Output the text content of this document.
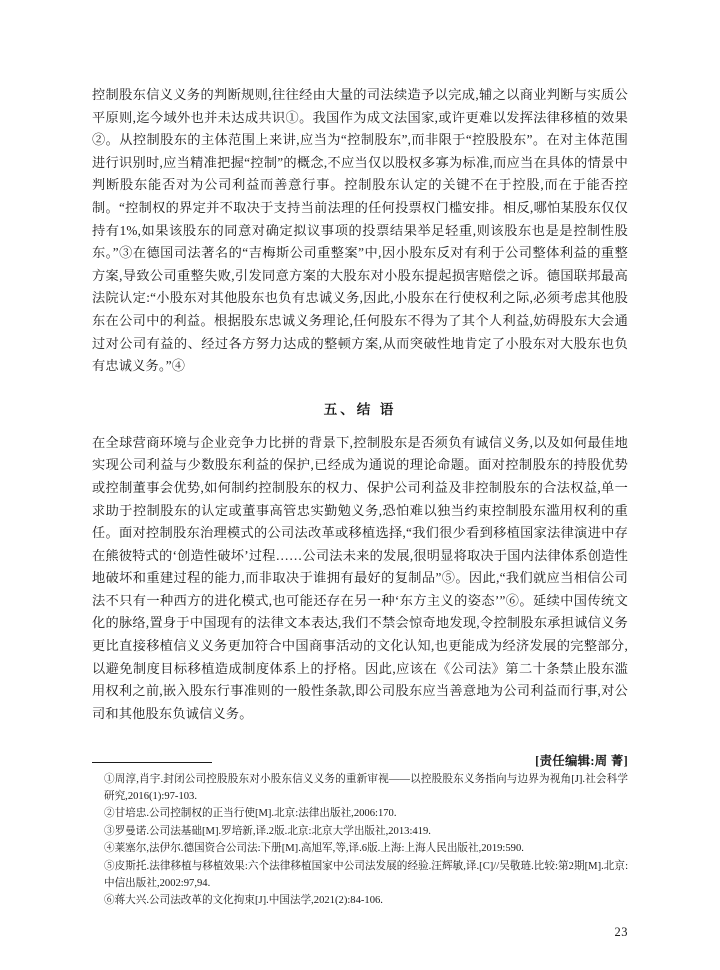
控制股东信义义务的判断规则,往往经由大量的司法续造予以完成,辅之以商业判断与实质公平原则,迄今域外也并未达成共识①。我国作为成文法国家,或许更难以发挥法律移植的效果②。从控制股东的主体范围上来讲,应当为“控制股东”,而非限于“控股股东”。在对主体范围进行识别时,应当精准把握“控制”的概念,不应当仅以股权多寡为标准,而应当在具体的情景中判断股东能否对为公司利益而善意行事。控制股东认定的关键不在于控股,而在于能否控制。“控制权的界定并不取决于支持当前法理的任何投票权门槛安排。相反,哪怕某股东仅仅持有1%,如果该股东的同意对确定拟议事项的投票结果举足轻重,则该股东也是是控制性股东。”③在德国司法著名的“吉梅斯公司重整案”中,因小股东反对有利于公司整体利益的重整方案,导致公司重整失败,引发同意方案的大股东对小股东提起损害赔偿之诉。德国联邦最高法院认定:“小股东对其他股东也负有忠诚义务,因此,小股东在行使权利之际,必须考虑其他股东在公司中的利益。根据股东忠诚义务理论,任何股东不得为了其个人利益,妨碍股东大会通过对公司有益的、经过各方努力达成的整顿方案,从而突破性地肯定了小股东对大股东也负有忠诚义务。”④

五、结 语

在全球营商环境与企业竞争力比拼的背景下,控制股东是否须负有诚信义务,以及如何最佳地实现公司利益与少数股东利益的保护,已经成为通说的理论命题。面对控制股东的持股优势或控制董事会优势,如何制约控制股东的权力、保护公司利益及非控制股东的合法权益,单一求助于控制股东的认定或董事高管忠实勤勉义务,恐怕难以独当约束控制股东滥用权利的重任。面对控制股东治理模式的公司法改革或移植选择,“我们很少看到移植国家法律演进中存在熊彼特式的‘创造性破坏’过程……公司法未来的发展,很明显将取决于国内法律体系创造性地破坏和重建过程的能力,而非取决于谁拥有最好的复制品”⑤。因此,“我们就应当相信公司法不只有一种西方的进化模式,也可能还存在另一种‘东方主义的姿态’”⑥。延续中国传统文化的脉络,置身于中国现有的法律文本表达,我们不禁会惊奇地发现,令控制股东承担诚信义务更比直接移植信义义务更加符合中国商事活动的文化认知,也更能成为经济发展的完整部分,以避免制度目标移植造成制度体系上的抒格。因此,应该在《公司法》第二十条禁止股东滥用权利之前,嵌入股东行事准则的一般性条款,即公司股东应当善意地为公司利益而行事,对公司和其他股东负诚信义务。

[责任编辑:周 菁]

①周淳,肖宇.封闭公司控股股东对小股东信义义务的重新审视——以控股股东义务指向与边界为视角[J].社会科学研究,2016(1):97-103.

②甘培忠.公司控制权的正当行使[M].北京:法律出版社,2006:170.

③罗曼诺.公司法基础[M].罗培新,译.2版.北京:北京大学出版社,2013:419.

④莱塞尔,法伊尔.德国资合公司法:下册[M].高旭军,等,译.6版.上海:上海人民出版社,2019:590.

⑤皮斯托.法律移植与移植效果:六个法律移植国家中公司法发展的经验.汪辉敏,译.[C]//吴敬琏.比较:第2期[M].北京:中信出版社,2002:97,94.

⑥蒋大兴.公司法改革的文化拘束[J].中国法学,2021(2):84-106.

23
